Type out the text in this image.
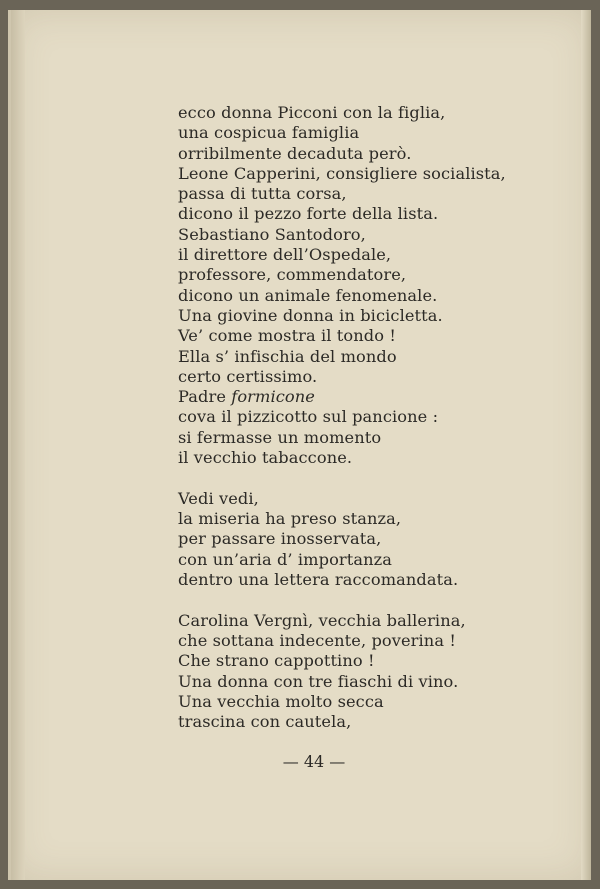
ecco donna Picconi con la figlia,
una cospicua famiglia
orribilmente decaduta però.
Leone Capperini, consigliere socialista,
passa di tutta corsa,
dicono il pezzo forte della lista.
Sebastiano Santodoro,
il direttore dell’Ospedale,
professore, commendatore,
dicono un animale fenomenale.
Una giovine donna in bicicletta.
Ve’ come mostra il tondo !
Ella s’ infischia del mondo
certo certissimo.
Padre formicone
cova il pizzicotto sul pancione :
si fermasse un momento
il vecchio tabaccone.
Vedi vedi,
la miseria ha preso stanza,
per passare inosservata,
con un’aria d’ importanza
dentro una lettera raccomandata.
Carolina Vergnì, vecchia ballerina,
che sottana indecente, poverina !
Che strano cappottino !
Una donna con tre fiaschi di vino.
Una vecchia molto secca
trascina con cautela,
— 44 —
